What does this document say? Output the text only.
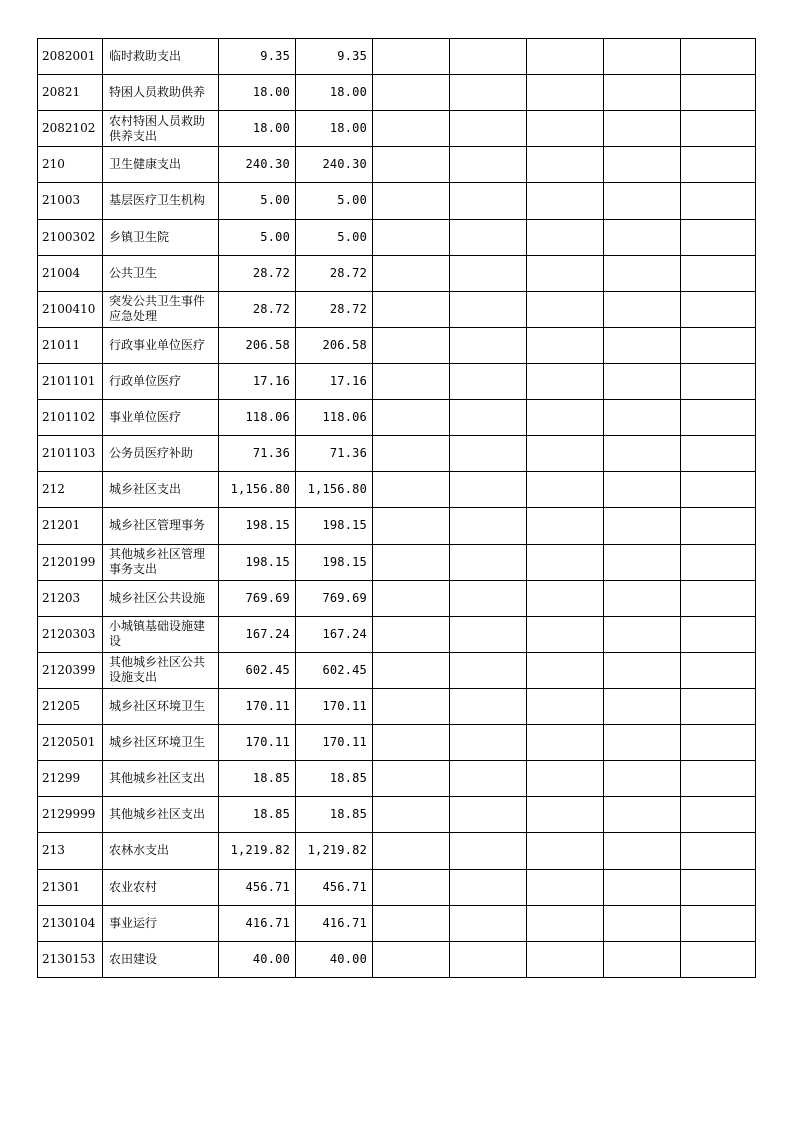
2082001	临时救助支出	9.35	9.35					
20821	特困人员救助供养	18.00	18.00					
2082102	农村特困人员救助供养支出	18.00	18.00					
210	卫生健康支出	240.30	240.30					
21003	基层医疗卫生机构	5.00	5.00					
2100302	乡镇卫生院	5.00	5.00					
21004	公共卫生	28.72	28.72					
2100410	突发公共卫生事件应急处理	28.72	28.72					
21011	行政事业单位医疗	206.58	206.58					
2101101	行政单位医疗	17.16	17.16					
2101102	事业单位医疗	118.06	118.06					
2101103	公务员医疗补助	71.36	71.36					
212	城乡社区支出	1,156.80	1,156.80					
21201	城乡社区管理事务	198.15	198.15					
2120199	其他城乡社区管理事务支出	198.15	198.15					
21203	城乡社区公共设施	769.69	769.69					
2120303	小城镇基础设施建设	167.24	167.24					
2120399	其他城乡社区公共设施支出	602.45	602.45					
21205	城乡社区环境卫生	170.11	170.11					
2120501	城乡社区环境卫生	170.11	170.11					
21299	其他城乡社区支出	18.85	18.85					
2129999	其他城乡社区支出	18.85	18.85					
213	农林水支出	1,219.82	1,219.82					
21301	农业农村	456.71	456.71					
2130104	事业运行	416.71	416.71					
2130153	农田建设	40.00	40.00					
